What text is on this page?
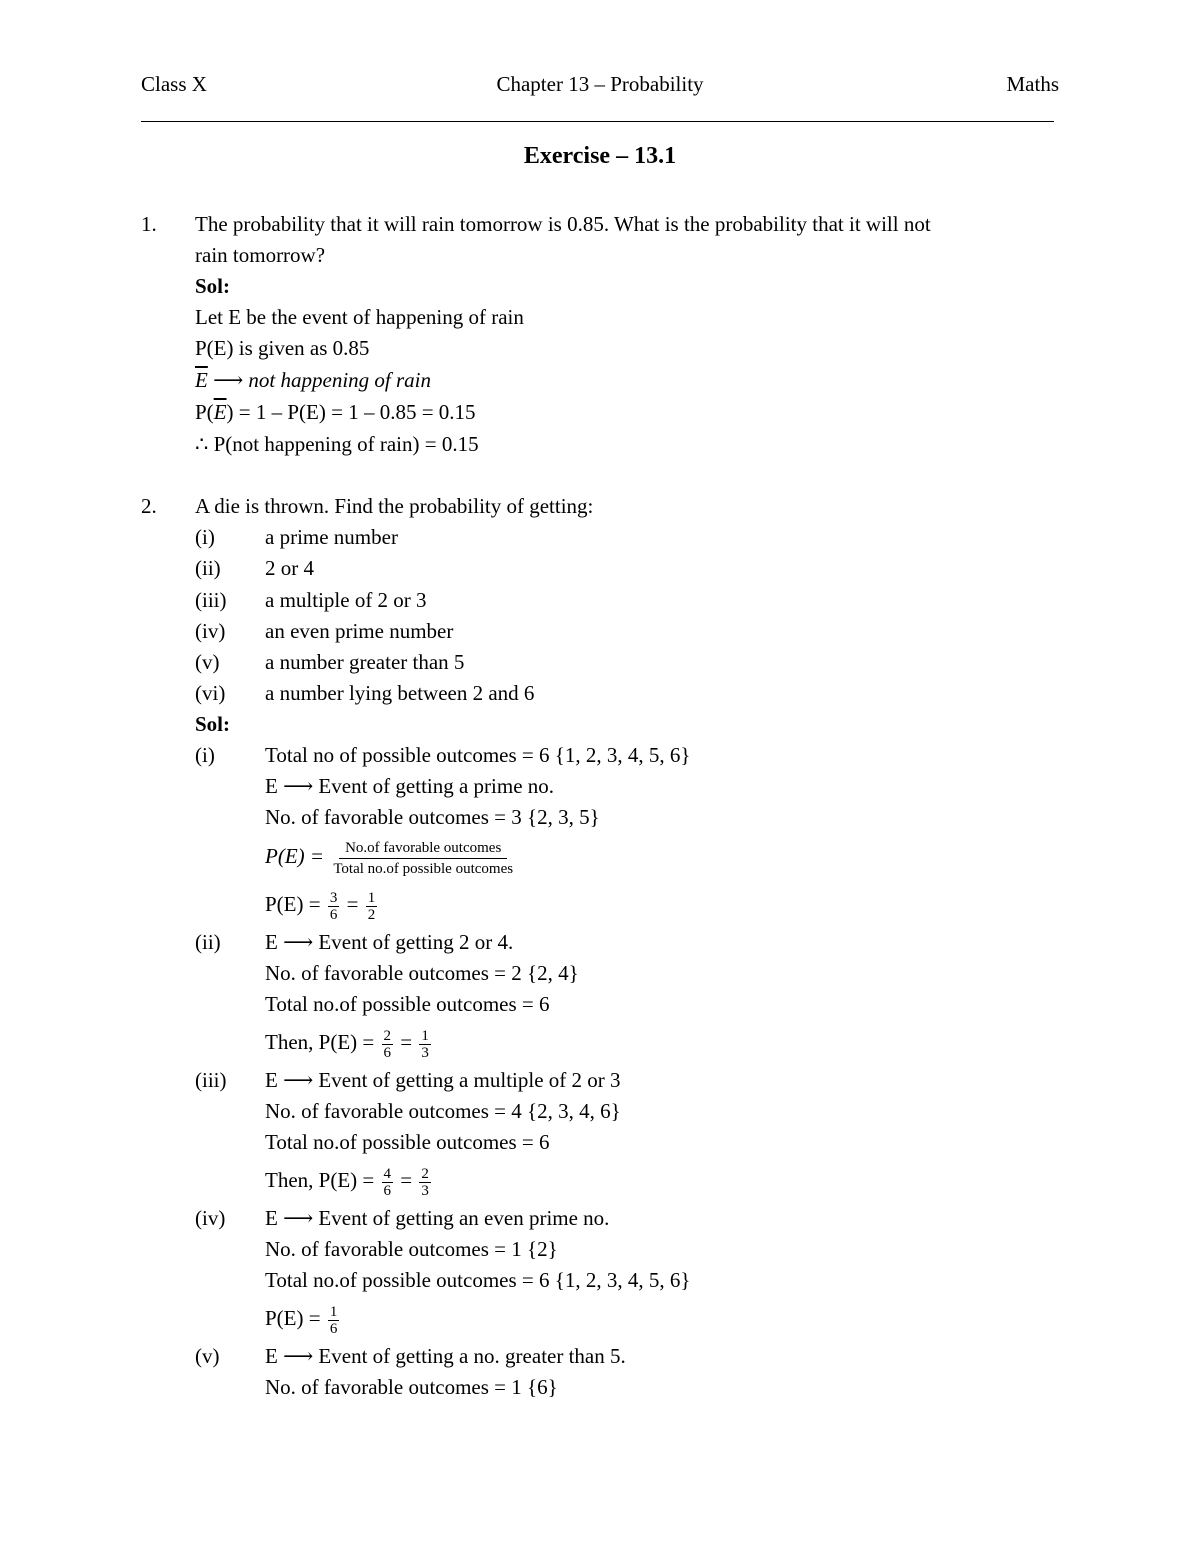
Class X	Chapter 13 – Probability	Maths
Exercise – 13.1
1. The probability that it will rain tomorrow is 0.85. What is the probability that it will not
rain tomorrow?
Sol:
Let E be the event of happening of rain
P(E) is given as 0.85
$\overline{E}$ ⟶ not happening of rain
$P(\overline{E}) = 1 - P(E) = 1 - 0.85 = 0.15$
∴ P(not happening of rain) = 0.15
2. A die is thrown. Find the probability of getting:
(i) a prime number
(ii) 2 or 4
(iii) a multiple of 2 or 3
(iv) an even prime number
(v) a number greater than 5
(vi) a number lying between 2 and 6
Sol:
(i) Total no of possible outcomes = 6 {1, 2, 3, 4, 5, 6}
E ⟶ Event of getting a prime no.
No. of favorable outcomes = 3 {2, 3, 5}
$P(E) = \frac{\text{No.of favorable outcomes}}{\text{Total no.of possible outcomes}}$
$P(E) = \frac{3}{6} = \frac{1}{2}$
(ii) E ⟶ Event of getting 2 or 4.
No. of favorable outcomes = 2 {2, 4}
Total no.of possible outcomes = 6
Then, $P(E) = \frac{2}{6} = \frac{1}{3}$
(iii) E ⟶ Event of getting a multiple of 2 or 3
No. of favorable outcomes = 4 {2, 3, 4, 6}
Total no.of possible outcomes = 6
Then, $P(E) = \frac{4}{6} = \frac{2}{3}$
(iv) E ⟶ Event of getting an even prime no.
No. of favorable outcomes = 1 {2}
Total no.of possible outcomes = 6 {1, 2, 3, 4, 5, 6}
$P(E) = \frac{1}{6}$
(v) E ⟶ Event of getting a no. greater than 5.
No. of favorable outcomes = 1 {6}
